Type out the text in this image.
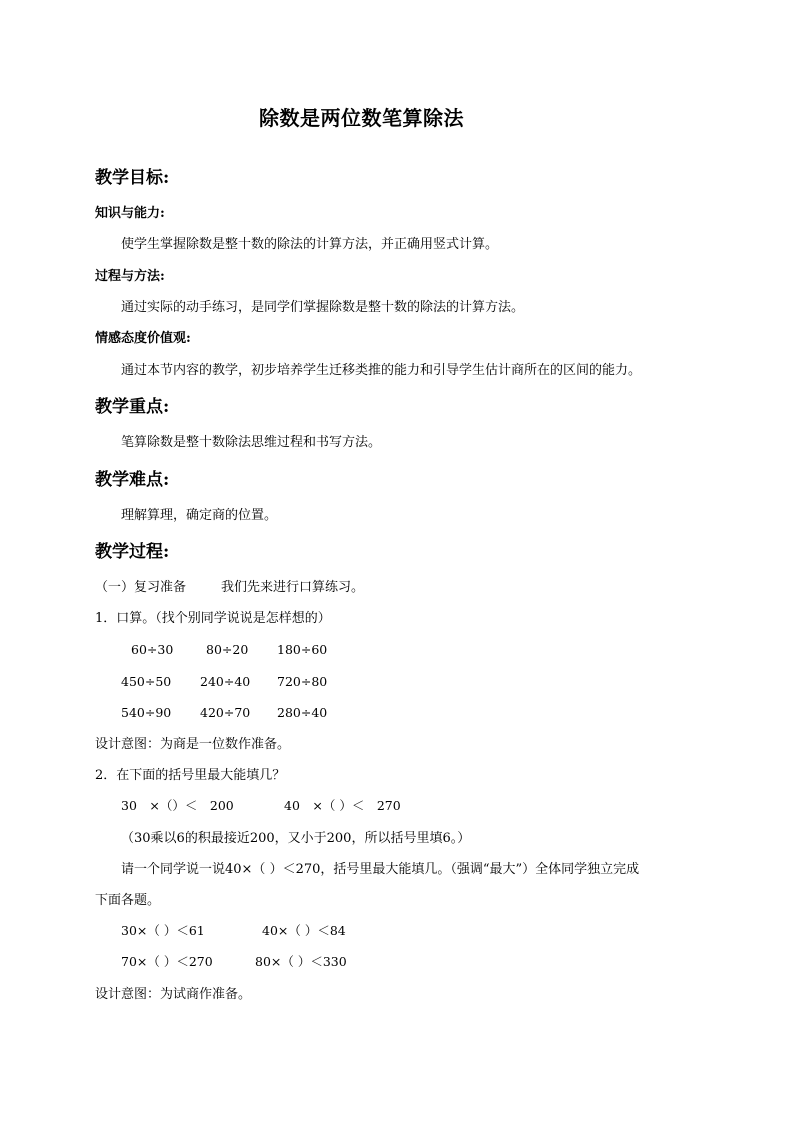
除数是两位数笔算除法
教学目标:
知识与能力:
使学生掌握除数是整十数的除法的计算方法，并正确用竖式计算。
过程与方法:
通过实际的动手练习，是同学们掌握除数是整十数的除法的计算方法。
情感态度价值观:
通过本节内容的教学，初步培养学生迁移类推的能力和引导学生估计商所在的区间的能力。
教学重点:
笔算除数是整十数除法思维过程和书写方法。
教学难点:
理解算理，确定商的位置。
教学过程:
（一）复习准备	我们先来进行口算练习。
1．口算。（找个别同学说说是怎样想的）
60÷30	80÷20 180÷60
450÷50 240÷40 720÷80
540÷90 420÷70 280÷40
设计意图：为商是一位数作准备。
2．在下面的括号里最大能填几？
30　×（）＜　200	40　×（ ）＜　270
（30乘以6的积最接近200，又小于200，所以括号里填6。）
请一个同学说一说40×（ ）＜270，括号里最大能填几。（强调“最大”）全体同学独立完成
下面各题。
30×（ ）＜61	40×（ ）＜84
70×（ ）＜270	80×（ ）＜330
设计意图：为试商作准备。
